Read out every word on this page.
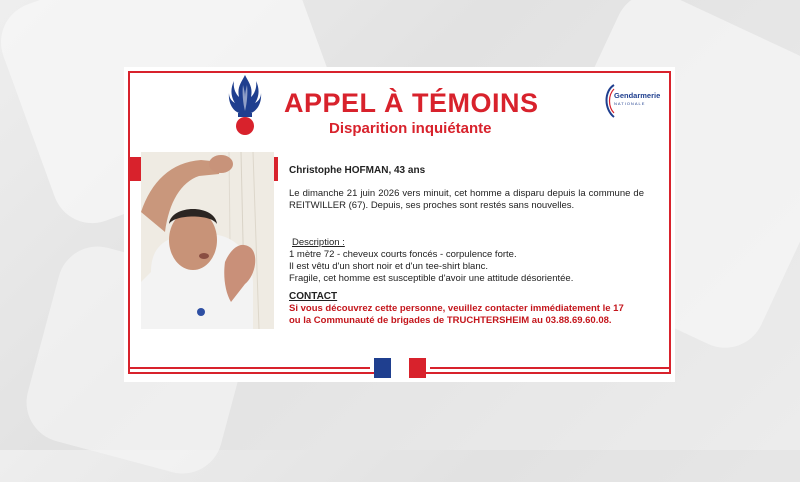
APPEL À TÉMOINS
Disparition inquiétante
Gendarmerie
NATIONALE
Christophe HOFMAN, 43 ans
Le dimanche 21 juin 2026 vers minuit, cet homme a disparu depuis la commune de REITWILLER (67). Depuis, ses proches sont restés sans nouvelles.
Description :
1 mètre 72 - cheveux courts foncés - corpulence forte.
Il est vêtu d'un short noir et d'un tee-shirt blanc.
Fragile, cet homme est susceptible d'avoir une attitude désorientée.
CONTACT
Si vous découvrez cette personne, veuillez contacter immédiatement le 17
ou la Communauté de brigades de TRUCHTERSHEIM au 03.88.69.60.08.
